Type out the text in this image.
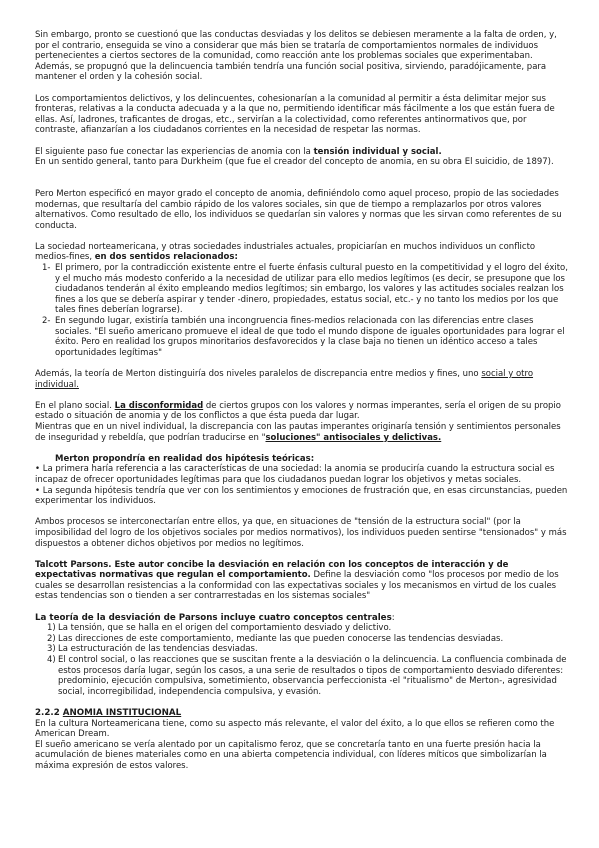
Sin embargo, pronto se cuestionó que las conductas desviadas y los delitos se debiesen meramente a la falta de orden, y, por el contrario, enseguida se vino a considerar que más bien se trataría de comportamientos normales de individuos pertenecientes a ciertos sectores de la comunidad, como reacción ante los problemas sociales que experimentaban. Además, se propugnó que la delincuencia también tendría una función social positiva, sirviendo, paradójicamente, para mantener el orden y la cohesión social.

Los comportamientos delictivos, y los delincuentes, cohesionarían a la comunidad al permitir a ésta delimitar mejor sus fronteras, relativas a la conducta adecuada y a la que no, permitiendo identificar más fácilmente a los que están fuera de ellas. Así, ladrones, traficantes de drogas, etc., servirían a la colectividad, como referentes antinormativos que, por contraste, afianzarían a los ciudadanos corrientes en la necesidad de respetar las normas.

El siguiente paso fue conectar las experiencias de anomia con la tensión individual y social.

En un sentido general, tanto para Durkheim (que fue el creador del concepto de anomia, en su obra El suicidio, de 1897).

Pero Merton especificó en mayor grado el concepto de anomia, definiéndolo como aquel proceso, propio de las sociedades modernas, que resultaría del cambio rápido de los valores sociales, sin que de tiempo a remplazarlos por otros valores alternativos. Como resultado de ello, los individuos se quedarían sin valores y normas que les sirvan como referentes de su conducta.

La sociedad norteamericana, y otras sociedades industriales actuales, propiciarían en muchos individuos un conflicto medios-fines, en dos sentidos relacionados:

1- El primero, por la contradicción existente entre el fuerte énfasis cultural puesto en la competitividad y el logro del éxito, y el mucho más modesto conferido a la necesidad de utilizar para ello medios legítimos (es decir, se presupone que los ciudadanos tenderán al éxito empleando medios legítimos; sin embargo, los valores y las actitudes sociales realzan los fines a los que se debería aspirar y tender -dinero, propiedades, estatus social, etc.- y no tanto los medios por los que tales fines deberían lograrse).
2- En segundo lugar, existiría también una incongruencia fines-medios relacionada con las diferencias entre clases sociales. "El sueño americano promueve el ideal de que todo el mundo dispone de iguales oportunidades para lograr el éxito. Pero en realidad los grupos minoritarios desfavorecidos y la clase baja no tienen un idéntico acceso a tales oportunidades legítimas"

Además, la teoría de Merton distinguiría dos niveles paralelos de discrepancia entre medios y fines, uno social y otro individual.

En el plano social. La disconformidad de ciertos grupos con los valores y normas imperantes, sería el origen de su propio estado o situación de anomia y de los conflictos a que ésta pueda dar lugar.

Mientras que en un nivel individual, la discrepancia con las pautas imperantes originaría tensión y sentimientos personales de inseguridad y rebeldía, que podrían traducirse en "soluciones" antisociales y delictivas.

Merton propondría en realidad dos hipótesis teóricas:

• La primera haría referencia a las características de una sociedad: la anomia se produciría cuando la estructura social es incapaz de ofrecer oportunidades legítimas para que los ciudadanos puedan lograr los objetivos y metas sociales.

• La segunda hipótesis tendría que ver con los sentimientos y emociones de frustración que, en esas circunstancias, pueden experimentar los individuos.

Ambos procesos se interconectarían entre ellos, ya que, en situaciones de "tensión de la estructura social" (por la imposibilidad del logro de los objetivos sociales por medios normativos), los individuos pueden sentirse "tensionados" y más dispuestos a obtener dichos objetivos por medios no legítimos.

Talcott Parsons. Este autor concibe la desviación en relación con los conceptos de interacción y de expectativas normativas que regulan el comportamiento. Define la desviación como "los procesos por medio de los cuales se desarrollan resistencias a la conformidad con las expectativas sociales y los mecanismos en virtud de los cuales estas tendencias son o tienden a ser contrarrestadas en los sistemas sociales"

La teoría de la desviación de Parsons incluye cuatro conceptos centrales:

1) La tensión, que se halla en el origen del comportamiento desviado y delictivo.
2) Las direcciones de este comportamiento, mediante las que pueden conocerse las tendencias desviadas.
3) La estructuración de las tendencias desviadas.
4) El control social, o las reacciones que se suscitan frente a la desviación o la delincuencia. La confluencia combinada de estos procesos daría lugar, según los casos, a una serie de resultados o tipos de comportamiento desviado diferentes: predominio, ejecución compulsiva, sometimiento, observancia perfeccionista -el "ritualismo" de Merton-, agresividad social, incorregibilidad, independencia compulsiva, y evasión.

2.2.2 ANOMIA INSTITUCIONAL

En la cultura Norteamericana tiene, como su aspecto más relevante, el valor del éxito, a lo que ellos se refieren como the American Dream.

El sueño americano se vería alentado por un capitalismo feroz, que se concretaría tanto en una fuerte presión hacia la acumulación de bienes materiales como en una abierta competencia individual, con líderes míticos que simbolizarían la máxima expresión de estos valores.
